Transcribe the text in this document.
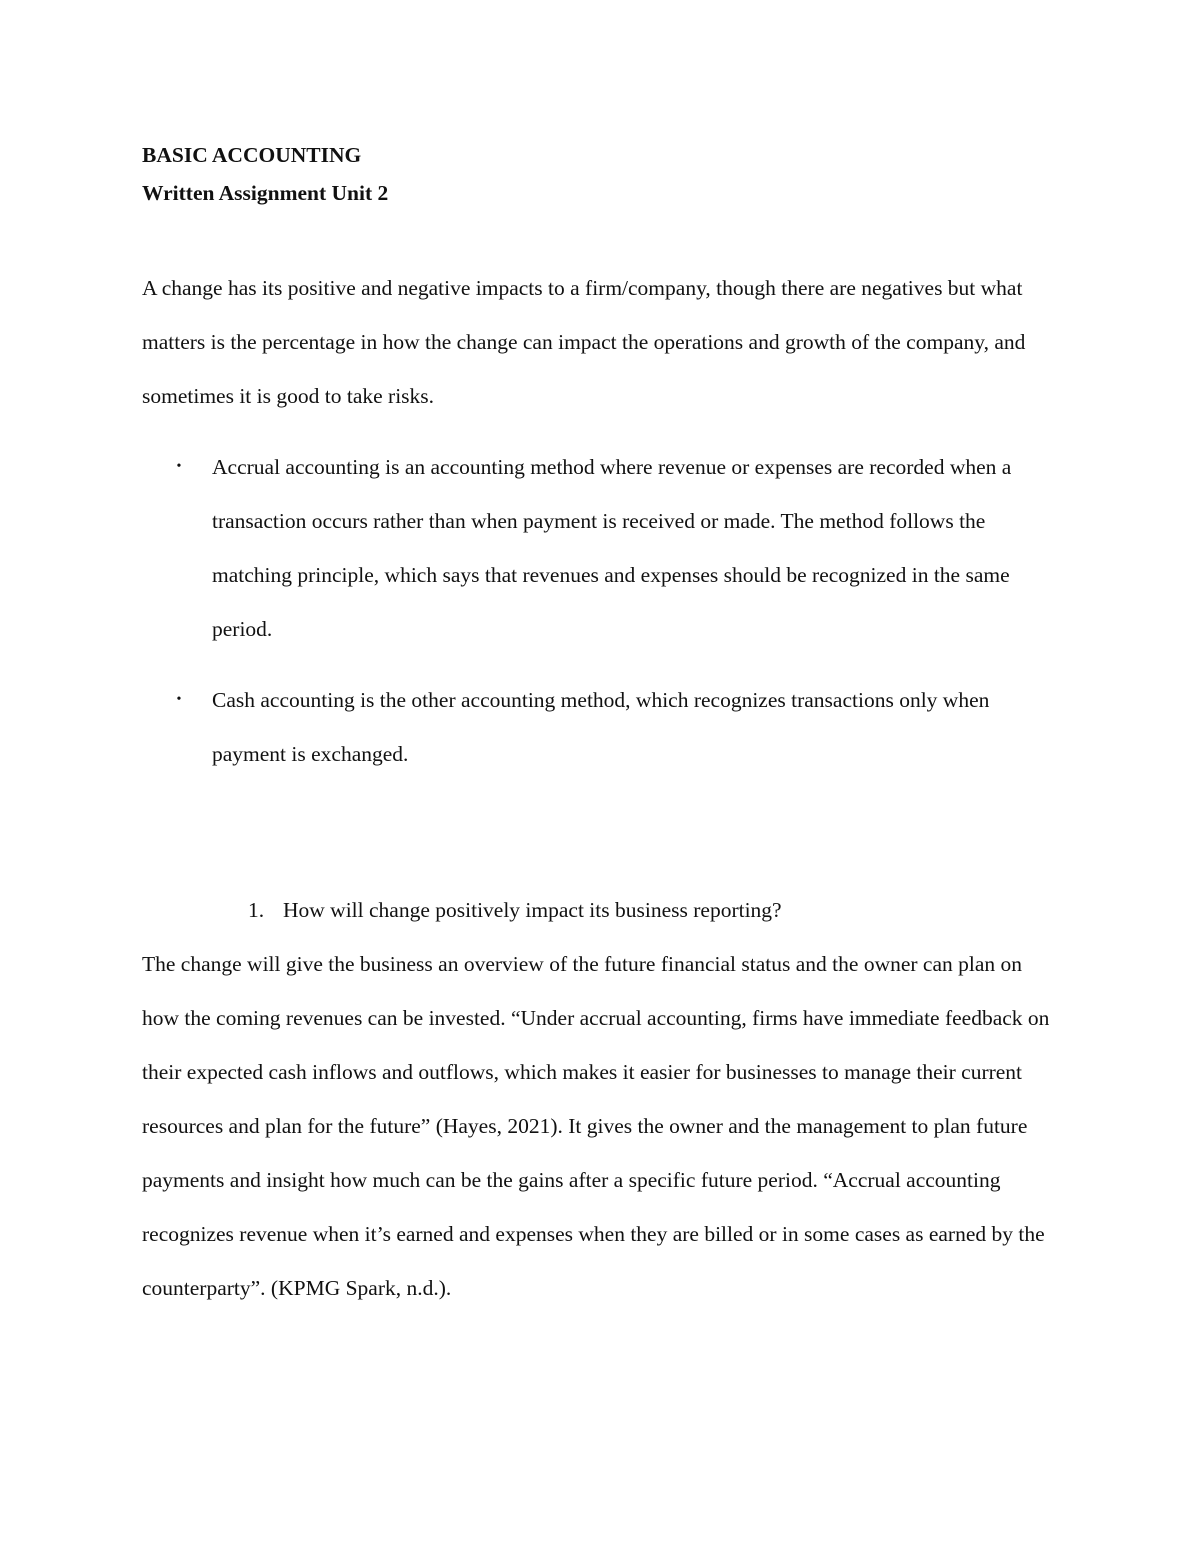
BASIC ACCOUNTING

Written Assignment Unit 2

A change has its positive and negative impacts to a firm/company, though there are negatives but what matters is the percentage in how the change can impact the operations and growth of the company, and sometimes it is good to take risks.

• Accrual accounting is an accounting method where revenue or expenses are recorded when a transaction occurs rather than when payment is received or made. The method follows the matching principle, which says that revenues and expenses should be recognized in the same period.
• Cash accounting is the other accounting method, which recognizes transactions only when payment is exchanged.
1. How will change positively impact its business reporting?

The change will give the business an overview of the future financial status and the owner can plan on how the coming revenues can be invested. “Under accrual accounting, firms have immediate feedback on their expected cash inflows and outflows, which makes it easier for businesses to manage their current resources and plan for the future” (Hayes, 2021). It gives the owner and the management to plan future payments and insight how much can be the gains after a specific future period. “Accrual accounting recognizes revenue when it’s earned and expenses when they are billed or in some cases as earned by the counterparty”. (KPMG Spark, n.d.).
